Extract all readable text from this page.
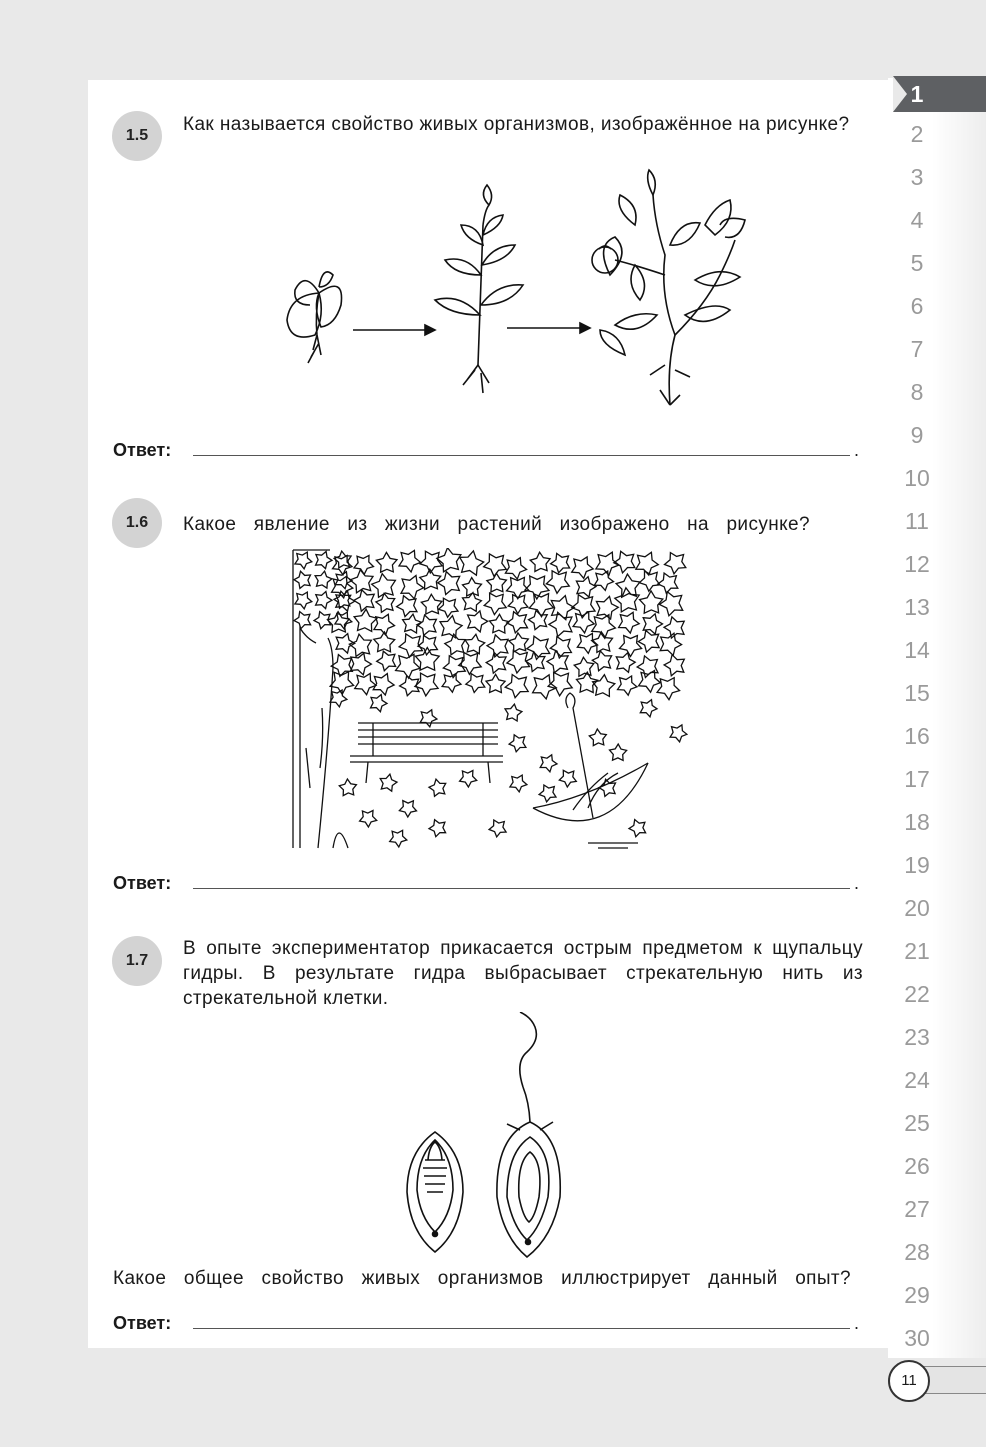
1
2
3
4
5
6
7
8
9
10
11
12
13
14
15
16
17
18
19
20
21
22
23
24
25
26
27
28
29
30
11
1.5
Как называется свойство живых организмов, изображённое на рисунке?
Ответ:	.
1.6	Какое явление из жизни растений изображено на рисунке?
Ответ:	.
1.7
В опыте экспериментатор прикасается острым предметом к щупальцу гидры. В результате гидра выбрасывает стрекательную нить из стрекательной клетки.
Какое общее свойство живых организмов иллюстрирует данный опыт?
Ответ:	.
